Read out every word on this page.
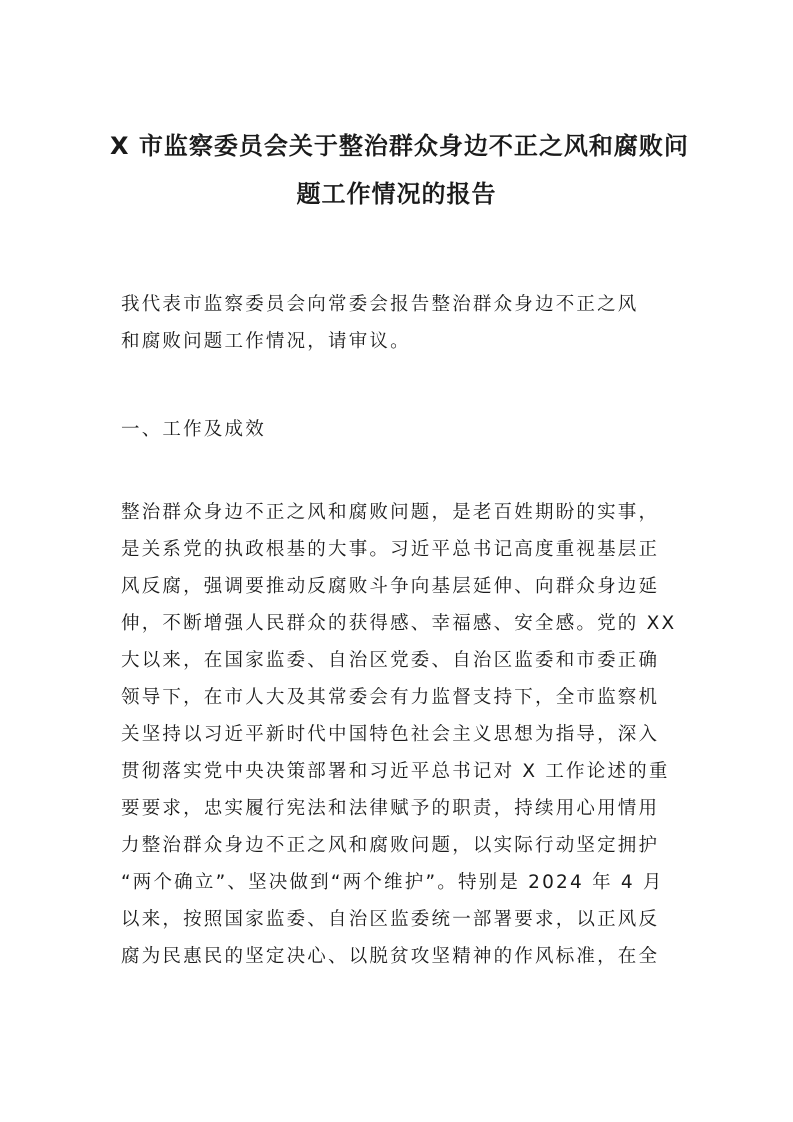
X 市监察委员会关于整治群众身边不正之风和腐败问
题工作情况的报告

我代表市监察委员会向常委会报告整治群众身边不正之风
和腐败问题工作情况，请审议。

一、工作及成效

整治群众身边不正之风和腐败问题，是老百姓期盼的实事，
是关系党的执政根基的大事。习近平总书记高度重视基层正
风反腐，强调要推动反腐败斗争向基层延伸、向群众身边延
伸，不断增强人民群众的获得感、幸福感、安全感。党的 XX
大以来，在国家监委、自治区党委、自治区监委和市委正确
领导下，在市人大及其常委会有力监督支持下，全市监察机
关坚持以习近平新时代中国特色社会主义思想为指导，深入
贯彻落实党中央决策部署和习近平总书记对 X 工作论述的重
要要求，忠实履行宪法和法律赋予的职责，持续用心用情用
力整治群众身边不正之风和腐败问题，以实际行动坚定拥护
“两个确立”、坚决做到“两个维护”。特别是 2024 年 4 月
以来，按照国家监委、自治区监委统一部署要求，以正风反
腐为民惠民的坚定决心、以脱贫攻坚精神的作风标准，在全
